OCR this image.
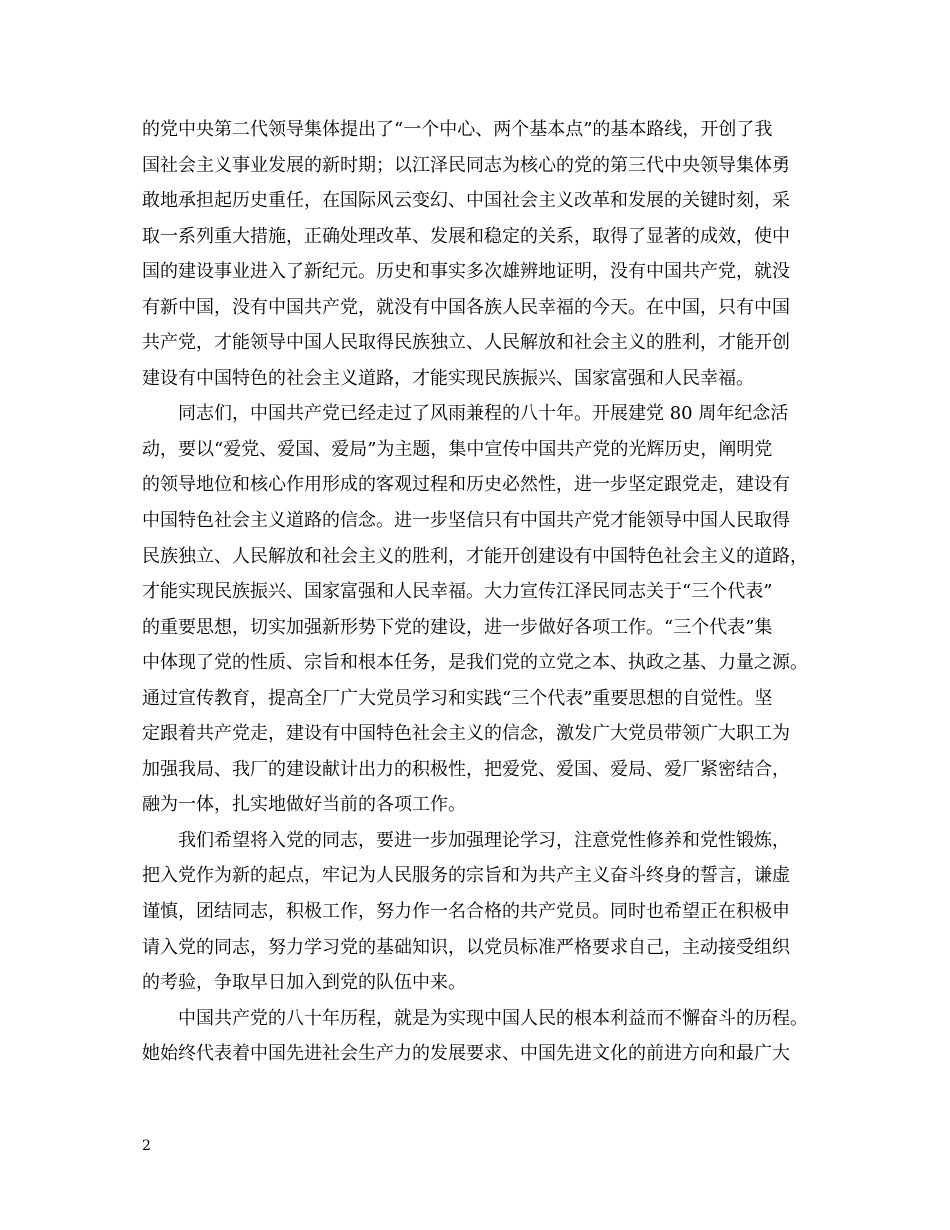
的党中央第二代领导集体提出了“一个中心、两个基本点”的基本路线，开创了我
国社会主义事业发展的新时期；以江泽民同志为核心的党的第三代中央领导集体勇
敢地承担起历史重任，在国际风云变幻、中国社会主义改革和发展的关键时刻，采
取一系列重大措施，正确处理改革、发展和稳定的关系，取得了显著的成效，使中
国的建设事业进入了新纪元。历史和事实多次雄辨地证明，没有中国共产党，就没
有新中国，没有中国共产党，就没有中国各族人民幸福的今天。在中国，只有中国
共产党，才能领导中国人民取得民族独立、人民解放和社会主义的胜利，才能开创
建设有中国特色的社会主义道路，才能实现民族振兴、国家富强和人民幸福。
同志们，中国共产党已经走过了风雨兼程的八十年。开展建党 80 周年纪念活
动，要以“爱党、爱国、爱局”为主题，集中宣传中国共产党的光辉历史，阐明党
的领导地位和核心作用形成的客观过程和历史必然性，进一步坚定跟党走，建设有
中国特色社会主义道路的信念。进一步坚信只有中国共产党才能领导中国人民取得
民族独立、人民解放和社会主义的胜利，才能开创建设有中国特色社会主义的道路，
才能实现民族振兴、国家富强和人民幸福。大力宣传江泽民同志关于“三个代表”
的重要思想，切实加强新形势下党的建设，进一步做好各项工作。“三个代表”集
中体现了党的性质、宗旨和根本任务，是我们党的立党之本、执政之基、力量之源。
通过宣传教育，提高全厂广大党员学习和实践“三个代表”重要思想的自觉性。坚
定跟着共产党走，建设有中国特色社会主义的信念，激发广大党员带领广大职工为
加强我局、我厂的建设献计出力的积极性，把爱党、爱国、爱局、爱厂紧密结合，
融为一体，扎实地做好当前的各项工作。
我们希望将入党的同志，要进一步加强理论学习，注意党性修养和党性锻炼，
把入党作为新的起点，牢记为人民服务的宗旨和为共产主义奋斗终身的誓言，谦虚
谨慎，团结同志，积极工作，努力作一名合格的共产党员。同时也希望正在积极申
请入党的同志，努力学习党的基础知识，以党员标准严格要求自己，主动接受组织
的考验，争取早日加入到党的队伍中来。
中国共产党的八十年历程，就是为实现中国人民的根本利益而不懈奋斗的历程。
她始终代表着中国先进社会生产力的发展要求、中国先进文化的前进方向和最广大
2
